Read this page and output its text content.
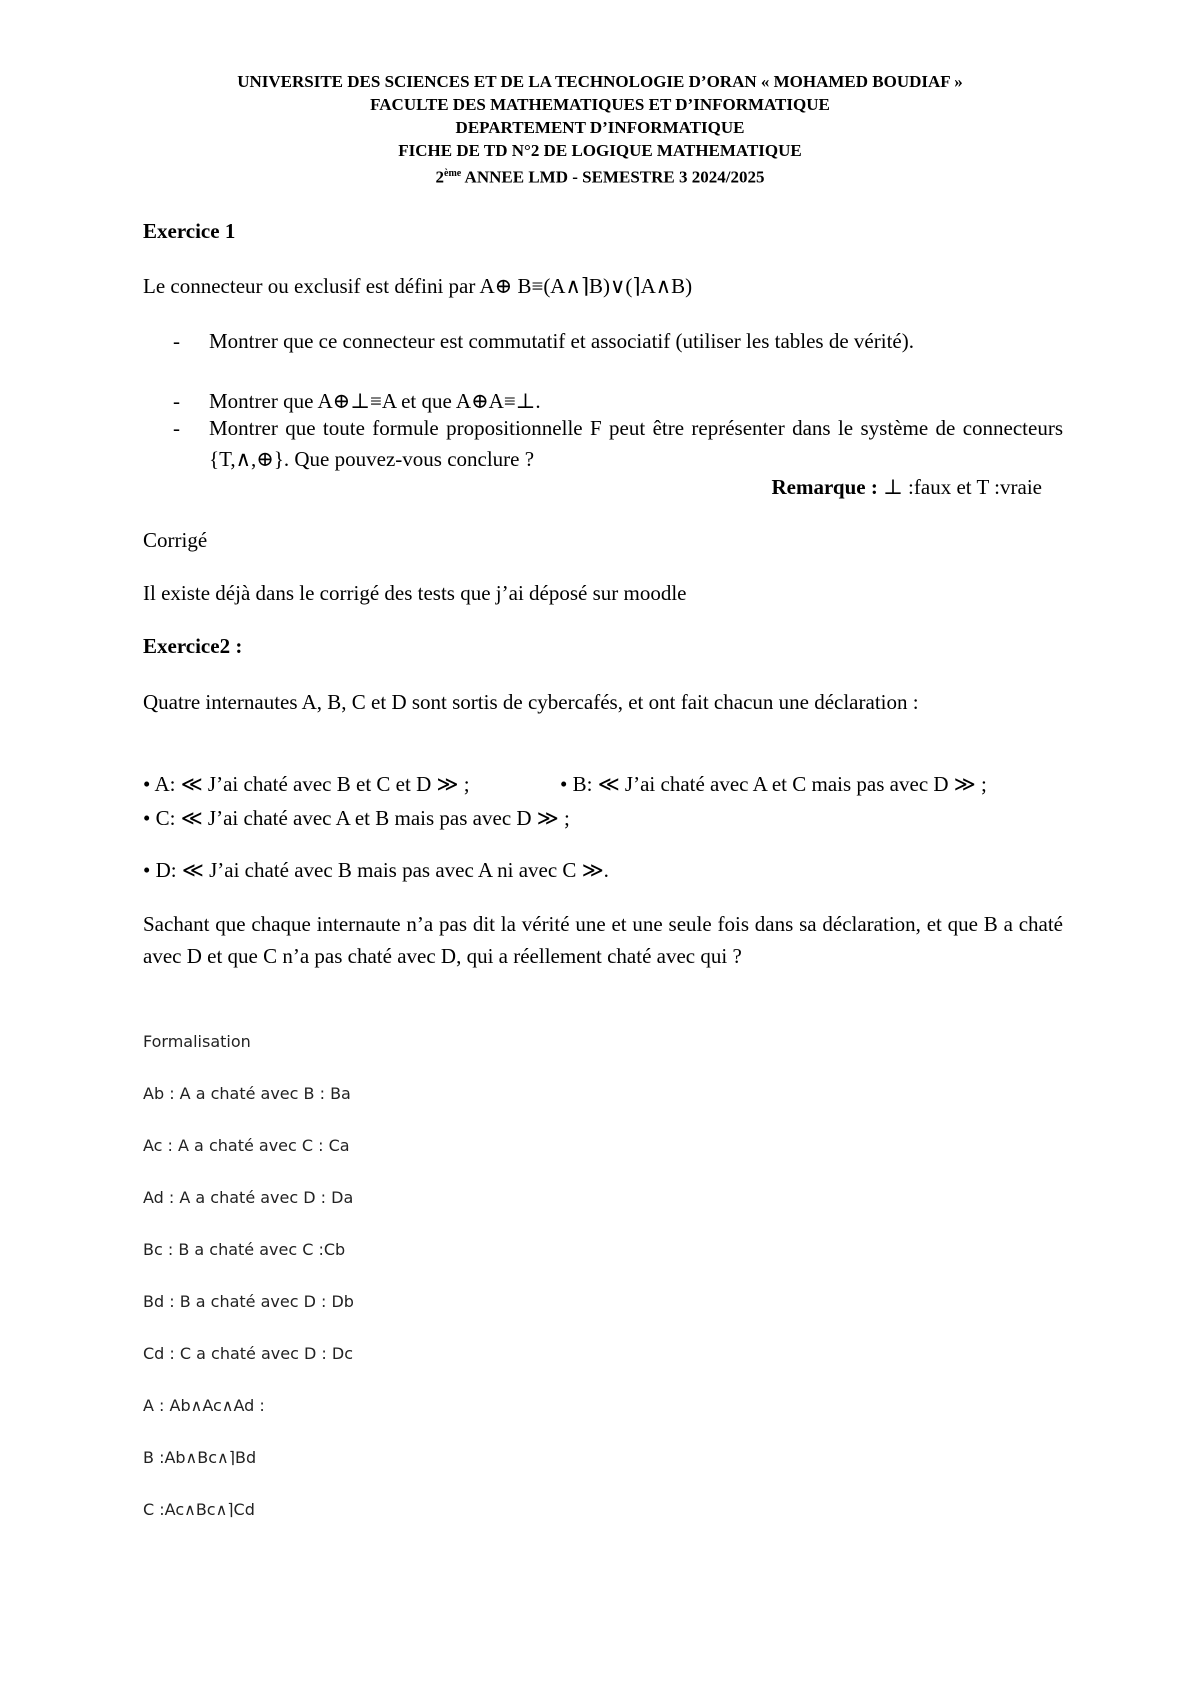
UNIVERSITE DES SCIENCES ET DE LA TECHNOLOGIE D’ORAN « MOHAMED BOUDIAF »
FACULTE DES MATHEMATIQUES ET D’INFORMATIQUE
DEPARTEMENT D’INFORMATIQUE
FICHE DE TD N°2 DE LOGIQUE MATHEMATIQUE
2ème ANNEE LMD - SEMESTRE 3 2024/2025
Exercice 1
Le connecteur ou exclusif est défini par A⊕ B≡(A∧⌉B)∨(⌉A∧B)
- Montrer que ce connecteur est commutatif et associatif (utiliser les tables de vérité).
- Montrer que A⊕⊥≡A et que A⊕A≡⊥.
- Montrer que toute formule propositionnelle F peut être représenter dans le système de connecteurs {T,∧,⊕}. Que pouvez-vous conclure ?
Remarque : ⊥ :faux et T :vraie
Corrigé
Il existe déjà dans le corrigé des tests que j’ai déposé sur moodle
Exercice2 :
Quatre internautes A, B, C et D sont sortis de cybercafés, et ont fait chacun une déclaration :
• A: ≪ J’ai chaté avec B et C et D ≫ ;	• B: ≪ J’ai chaté avec A et C mais pas avec D ≫ ;
• C: ≪ J’ai chaté avec A et B mais pas avec D ≫ ;
• D: ≪ J’ai chaté avec B mais pas avec A ni avec C ≫.
Sachant que chaque internaute n’a pas dit la vérité une et une seule fois dans sa déclaration, et que B a chaté avec D et que C n’a pas chaté avec D, qui a réellement chaté avec qui ?
Formalisation
Ab : A a chaté avec B : Ba
Ac : A a chaté avec C : Ca
Ad : A a chaté avec D : Da
Bc : B a chaté avec C :Cb
Bd : B a chaté avec D : Db
Cd : C a chaté avec D : Dc
A : Ab∧Ac∧Ad :
B :Ab∧Bc∧⌉Bd
C :Ac∧Bc∧⌉Cd
